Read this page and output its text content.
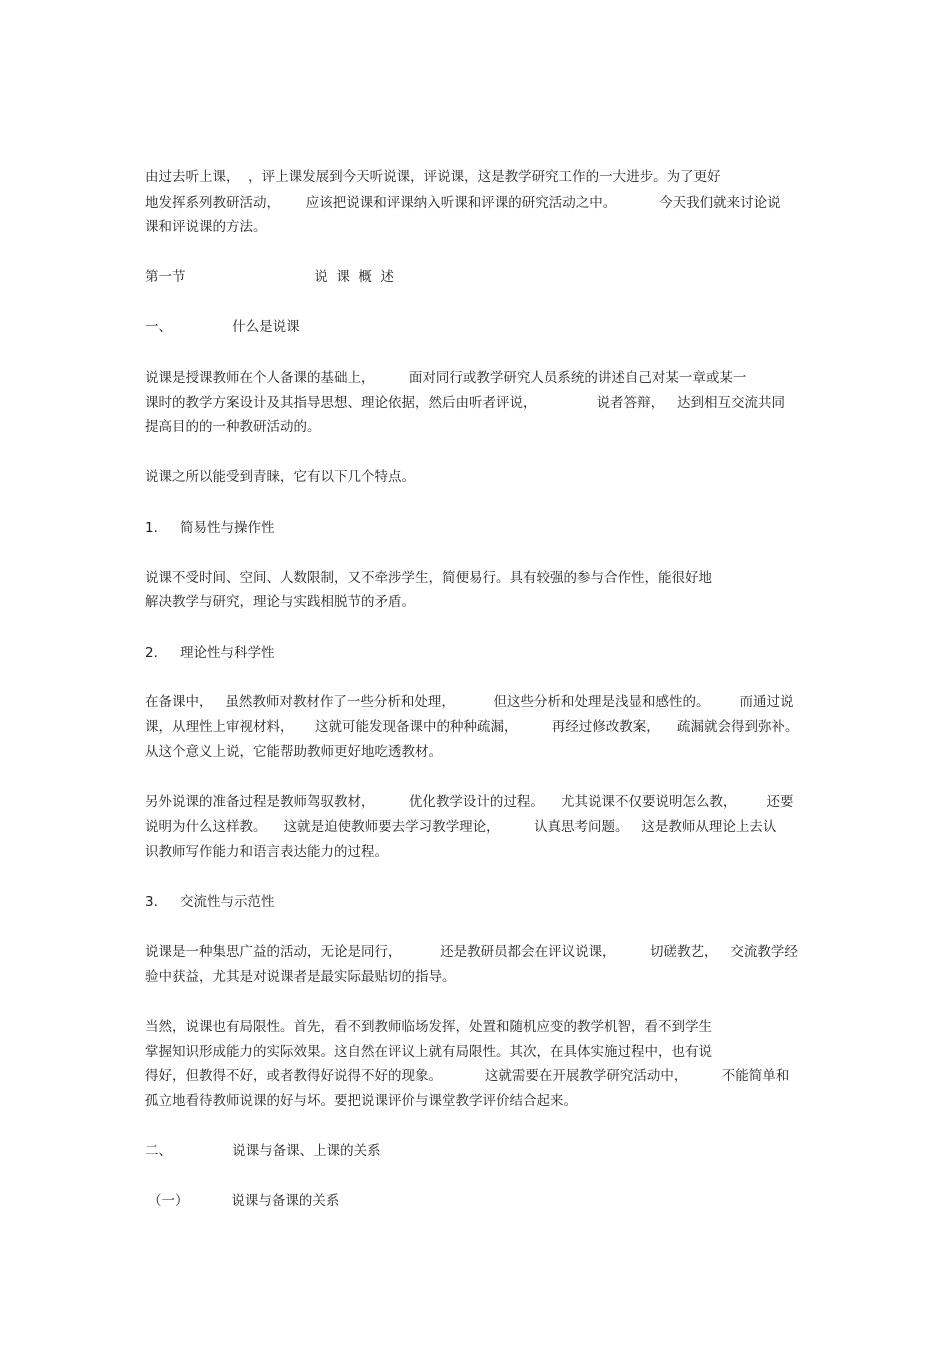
由过去听上课，  ，评上课发展到今天听说课，评说课，这是教学研究工作的一大进步。为了更好
地发挥系列教研活动，      应该把说课和评课纳入听课和评课的研究活动之中。          今天我们就来讨论说
课和评说课的方法。
第一节                              说  课  概  述
一、              什么是说课
说课是授课教师在个人备课的基础上，        面对同行或教学研究人员系统的讲述自己对某一章或某一
课时的教学方案设计及其指导思想、理论依据，然后由听者评说，              说者答辩，   达到相互交流共同
提高目的的一种教研活动的。
说课之所以能受到青睐，它有以下几个特点。
1．   简易性与操作性
说课不受时间、空间、人数限制，又不牵涉学生，简便易行。具有较强的参与合作性，能很好地
解决教学与研究，理论与实践相脱节的矛盾。
2．   理论性与科学性
在备课中，   虽然教师对教材作了一些分析和处理，         但这些分析和处理是浅显和感性的。       而通过说
课，从理性上审视材料，     这就可能发现备课中的种种疏漏，        再经过修改教案，    疏漏就会得到弥补。
从这个意义上说，它能帮助教师更好地吃透教材。
另外说课的准备过程是教师驾驭教材，        优化教学设计的过程。    尤其说课不仅要说明怎么教，       还要
说明为什么这样教。    这就是迫使教师要去学习教学理论，        认真思考问题。   这是教师从理论上去认
识教师写作能力和语言表达能力的过程。
3．   交流性与示范性
说课是一种集思广益的活动，无论是同行，         还是教研员都会在评议说课，        切磋教艺，   交流教学经
验中获益，尤其是对说课者是最实际最贴切的指导。
当然，说课也有局限性。首先，看不到教师临场发挥，处置和随机应变的教学机智，看不到学生
掌握知识形成能力的实际效果。这自然在评议上就有局限性。其次，在具体实施过程中，也有说
得好，但教得不好，或者教得好说得不好的现象。          这就需要在开展教学研究活动中，        不能简单和
孤立地看待教师说课的好与坏。要把说课评价与课堂教学评价结合起来。
二、              说课与备课、上课的关系
（一）          说课与备课的关系
